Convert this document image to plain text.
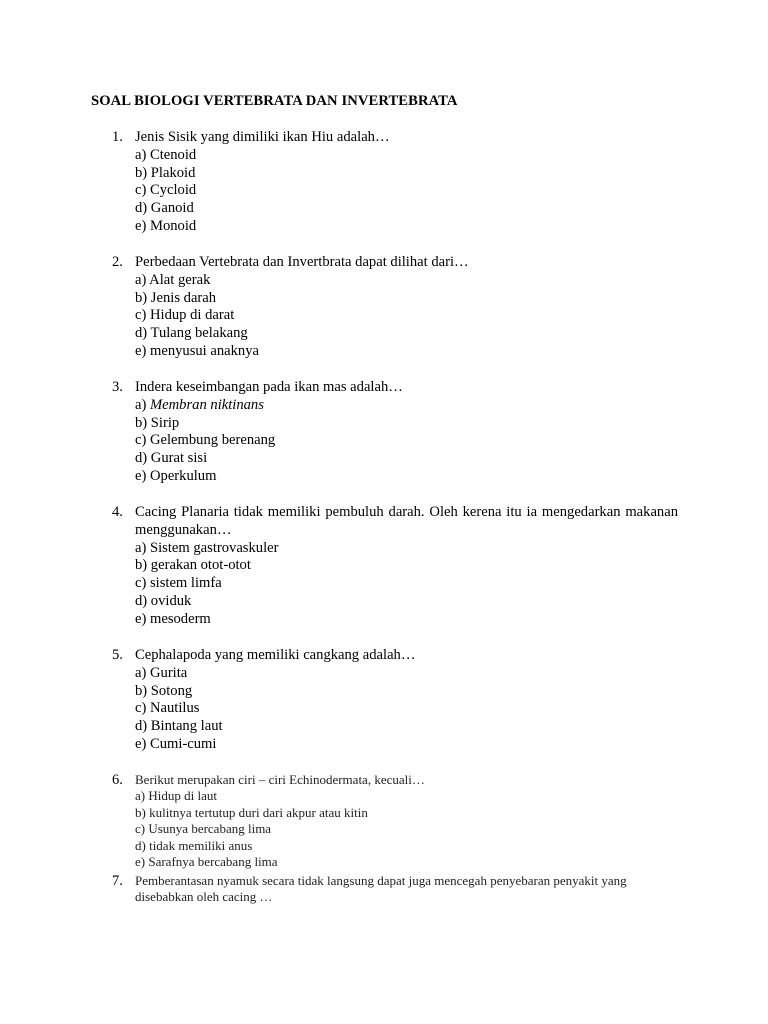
SOAL BIOLOGI VERTEBRATA DAN INVERTEBRATA
1. Jenis Sisik yang dimiliki ikan Hiu adalah…
a) Ctenoid
b) Plakoid
c) Cycloid
d) Ganoid
e) Monoid
2. Perbedaan Vertebrata dan Invertbrata dapat dilihat dari…
a) Alat gerak
b) Jenis darah
c) Hidup di darat
d) Tulang belakang
e) menyusui anaknya
3. Indera keseimbangan pada ikan mas adalah…
a) Membran niktinans
b) Sirip
c) Gelembung berenang
d) Gurat sisi
e) Operkulum
4. Cacing Planaria tidak memiliki pembuluh darah. Oleh kerena itu ia mengedarkan makanan menggunakan…
a) Sistem gastrovaskuler
b) gerakan otot-otot
c) sistem limfa
d) oviduk
e) mesoderm
5. Cephalapoda yang memiliki cangkang adalah…
a) Gurita
b) Sotong
c) Nautilus
d) Bintang laut
e) Cumi-cumi
6. Berikut merupakan ciri – ciri Echinodermata, kecuali…
a) Hidup di laut
b) kulitnya tertutup duri dari akpur atau kitin
c) Usunya bercabang lima
d) tidak memiliki anus
e) Sarafnya bercabang lima
7. Pemberantasan nyamuk secara tidak langsung dapat juga mencegah penyebaran penyakit yang disebabkan oleh cacing …
